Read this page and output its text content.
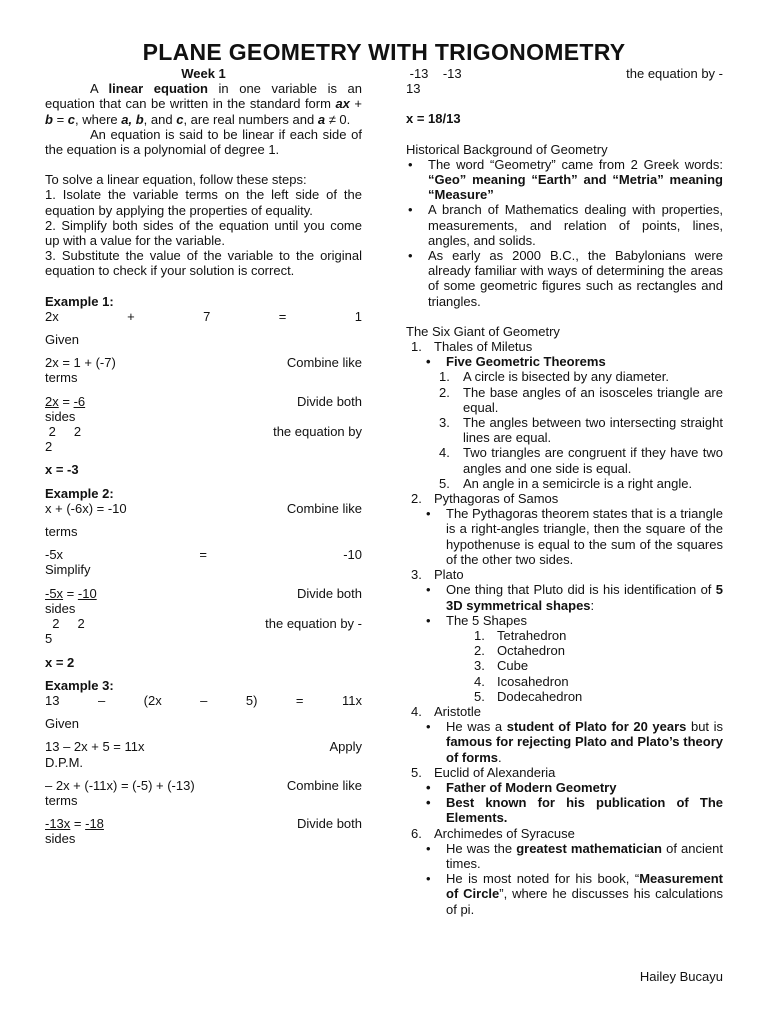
PLANE GEOMETRY WITH TRIGONOMETRY
Week 1

A linear equation in one variable is an equation that can be written in the standard form ax + b = c, where a, b, and c, are real numbers and a ≠ 0.

An equation is said to be linear if each side of the equation is a polynomial of degree 1.

To solve a linear equation, follow these steps:

1. Isolate the variable terms on the left side of the equation by applying the properties of equality.

2. Simplify both sides of the equation until you come up with a value for the variable.

3. Substitute the value of the variable to the original equation to check if your solution is correct.

Example 1:

2x	+	7	=	1

Given

2x = 1 + (-7)	Combine like

terms

2x = -6	Divide both

sides

2     2	the equation by

2

x = -3

Example 2:

x + (-6x) = -10	Combine like

terms

-5x	=	-10

Simplify

-5x = -10	Divide both

sides

2     2	the equation by -

5

x = 2

Example 3:

13	–	(2x	–	5)	=	11x

Given

13 – 2x + 5 = 11x	Apply

D.P.M.

– 2x + (-11x) = (-5) + (-13)	Combine like

terms

-13x = -18	Divide both

sides

-13    -13	the equation by -

13

x = 18/13

Historical Background of Geometry

• The word “Geometry” came from 2 Greek words: “Geo” meaning “Earth” and “Metria” meaning “Measure”
• A branch of Mathematics dealing with properties, measurements, and relation of points, lines, angles, and solids.
• As early as 2000 B.C., the Babylonians were already familiar with ways of determining the areas of some geometric figures such as rectangles and triangles.

The Six Giant of Geometry

1. Thales of Miletus
• Five Geometric Theorems
1. A circle is bisected by any diameter.
2. The base angles of an isosceles triangle are equal.
3. The angles between two intersecting straight lines are equal.
4. Two triangles are congruent if they have two angles and one side is equal.
5. An angle in a semicircle is a right angle.
2. Pythagoras of Samos
• The Pythagoras theorem states that is a triangle is a right-angles triangle, then the square of the hypothenuse is equal to the sum of the squares of the other two sides.
3. Plato
• One thing that Pluto did is his identification of 5 3D symmetrical shapes:
• The 5 Shapes
1. Tetrahedron
2. Octahedron
3. Cube
4. Icosahedron
5. Dodecahedron
4. Aristotle
• He was a student of Plato for 20 years but is famous for rejecting Plato and Plato’s theory of forms.
5. Euclid of Alexanderia
• Father of Modern Geometry
• Best known for his publication of The Elements.
6. Archimedes of Syracuse
• He was the greatest mathematician of ancient times.
• He is most noted for his book, “Measurement of Circle”, where he discusses his calculations of pi.
Hailey Bucayu
